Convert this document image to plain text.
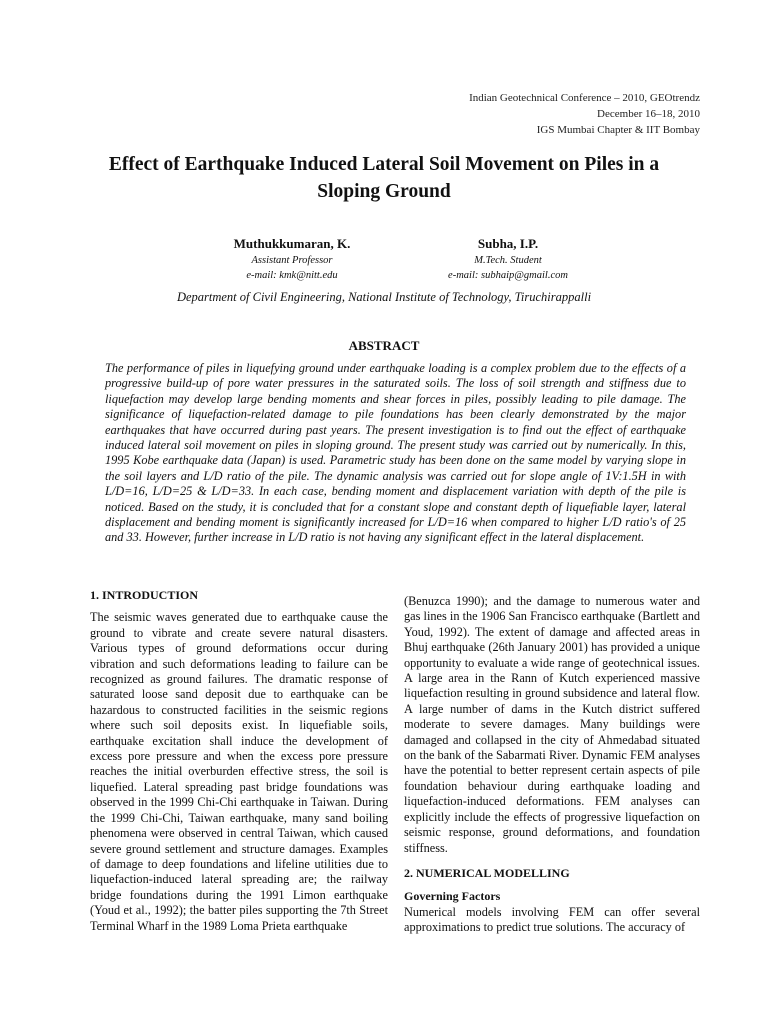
Indian Geotechnical Conference – 2010, GEOtrendz
December 16–18, 2010
IGS Mumbai Chapter & IIT Bombay
Effect of Earthquake Induced Lateral Soil Movement on Piles in a Sloping Ground
Muthukkumaran, K.
Assistant Professor
e-mail: kmk@nitt.edu
Subha, I.P.
M.Tech. Student
e-mail: subhaip@gmail.com
Department of Civil Engineering, National Institute of Technology, Tiruchirappalli
ABSTRACT
The performance of piles in liquefying ground under earthquake loading is a complex problem due to the effects of a progressive build-up of pore water pressures in the saturated soils. The loss of soil strength and stiffness due to liquefaction may develop large bending moments and shear forces in piles, possibly leading to pile damage. The significance of liquefaction-related damage to pile foundations has been clearly demonstrated by the major earthquakes that have occurred during past years. The present investigation is to find out the effect of earthquake induced lateral soil movement on piles in sloping ground. The present study was carried out by numerically. In this, 1995 Kobe earthquake data (Japan) is used. Parametric study has been done on the same model by varying slope in the soil layers and L/D ratio of the pile. The dynamic analysis was carried out for slope angle of 1V:1.5H in with L/D=16, L/D=25 & L/D=33. In each case, bending moment and displacement variation with depth of the pile is noticed. Based on the study, it is concluded that for a constant slope and constant depth of liquefiable layer, lateral displacement and bending moment is significantly increased for L/D=16 when compared to higher L/D ratio's of 25 and 33. However, further increase in L/D ratio is not having any significant effect in the lateral displacement.
1. INTRODUCTION

The seismic waves generated due to earthquake cause the ground to vibrate and create severe natural disasters. Various types of ground deformations occur during vibration and such deformations leading to failure can be recognized as ground failures. The dramatic response of saturated loose sand deposit due to earthquake can be hazardous to constructed facilities in the seismic regions where such soil deposits exist. In liquefiable soils, earthquake excitation shall induce the development of excess pore pressure and when the excess pore pressure reaches the initial overburden effective stress, the soil is liquefied. Lateral spreading past bridge foundations was observed in the 1999 Chi-Chi earthquake in Taiwan. During the 1999 Chi-Chi, Taiwan earthquake, many sand boiling phenomena were observed in central Taiwan, which caused severe ground settlement and structure damages. Examples of damage to deep foundations and lifeline utilities due to liquefaction-induced lateral spreading are; the railway bridge foundations during the 1991 Limon earthquake (Youd et al., 1992); the batter piles supporting the 7th Street Terminal Wharf in the 1989 Loma Prieta earthquake

(Benuzca 1990); and the damage to numerous water and gas lines in the 1906 San Francisco earthquake (Bartlett and Youd, 1992). The extent of damage and affected areas in Bhuj earthquake (26th January 2001) has provided a unique opportunity to evaluate a wide range of geotechnical issues. A large area in the Rann of Kutch experienced massive liquefaction resulting in ground subsidence and lateral flow. A large number of dams in the Kutch district suffered moderate to severe damages. Many buildings were damaged and collapsed in the city of Ahmedabad situated on the bank of the Sabarmati River. Dynamic FEM analyses have the potential to better represent certain aspects of pile foundation behaviour during earthquake loading and liquefaction-induced deformations. FEM analyses can explicitly include the effects of progressive liquefaction on seismic response, ground deformations, and foundation stiffness.

2. NUMERICAL MODELLING
Governing Factors

Numerical models involving FEM can offer several approximations to predict true solutions. The accuracy of
